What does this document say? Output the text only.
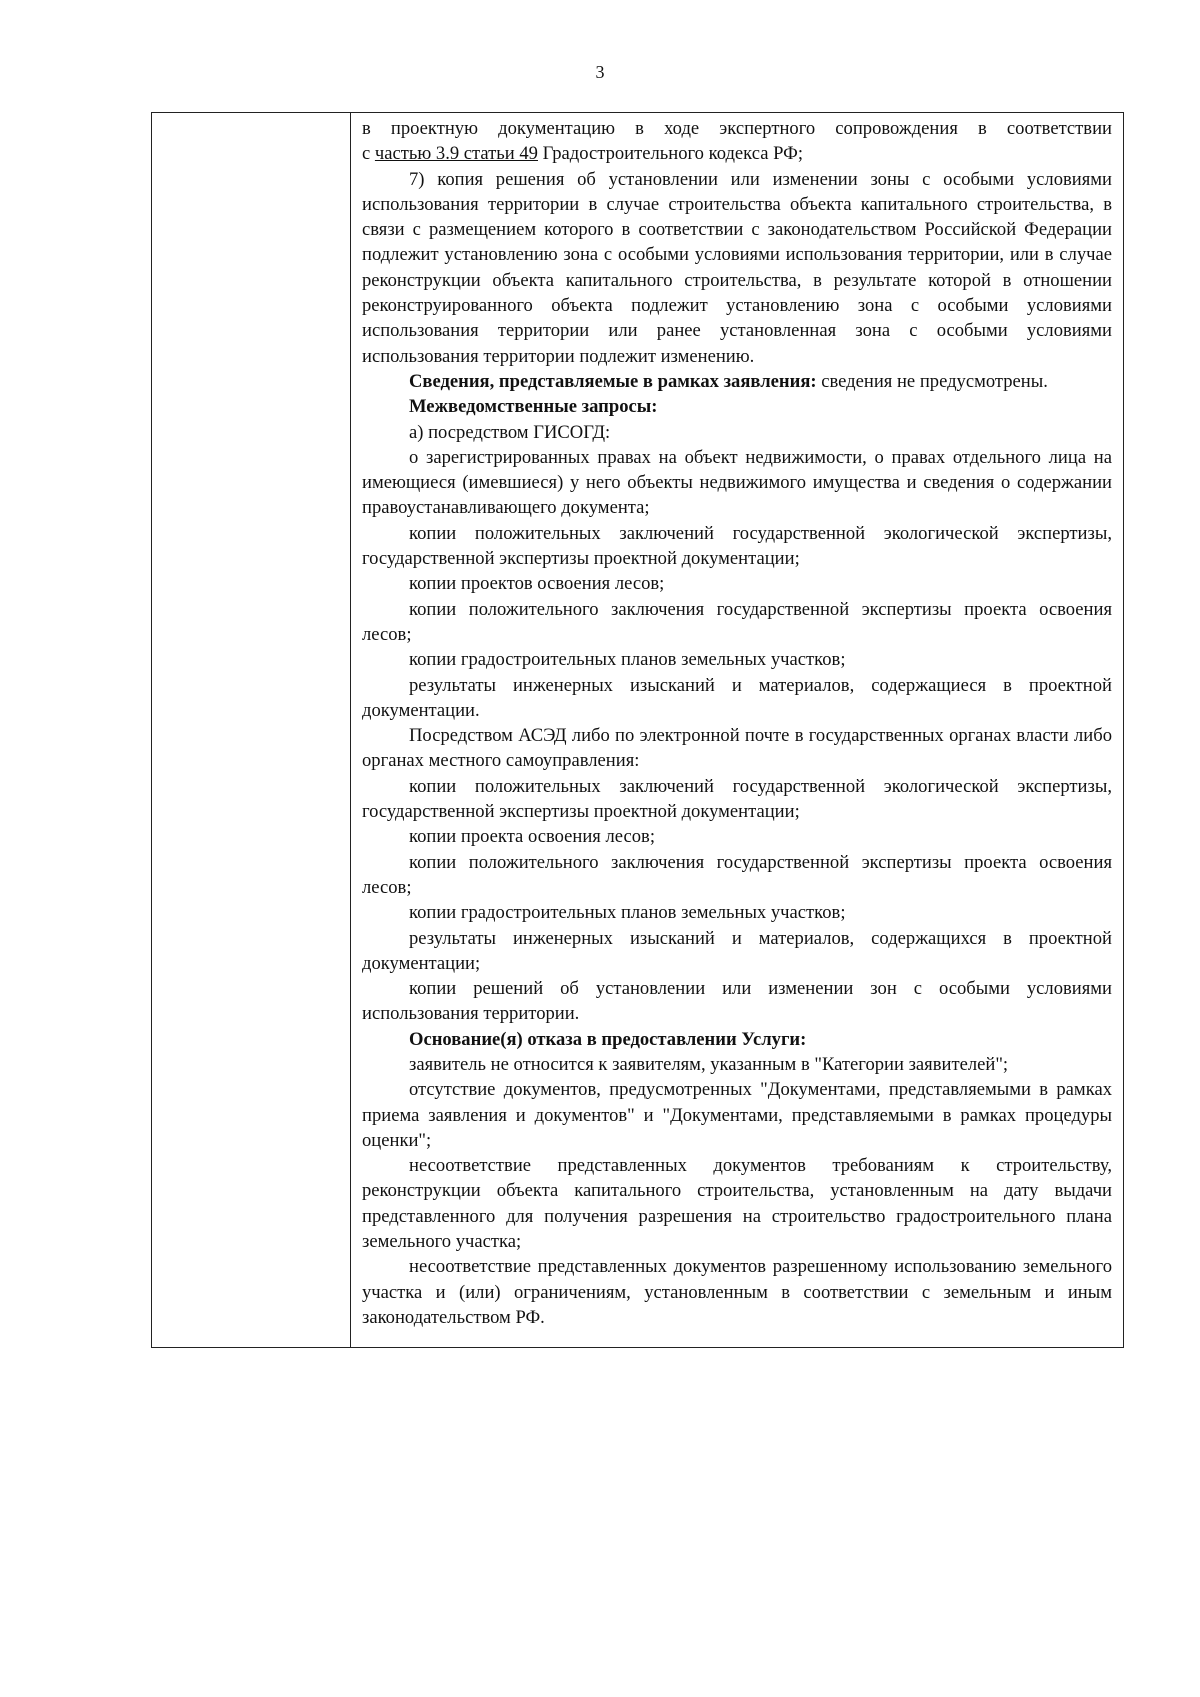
3

в проектную документацию в ходе экспертного сопровождения в соответствии

с частью 3.9 статьи 49 Градостроительного кодекса РФ;

7) копия решения об установлении или изменении зоны с особыми условиями использования территории в случае строительства объекта капитального строительства, в связи с размещением которого в соответствии с законодательством Российской Федерации подлежит установлению зона с особыми условиями использования территории, или в случае реконструкции объекта капитального строительства, в результате которой в отношении реконструированного объекта подлежит установлению зона с особыми условиями использования территории или ранее установленная зона с особыми условиями использования территории подлежит изменению.

Сведения, представляемые в рамках заявления: сведения не предусмотрены.

Межведомственные запросы:

а) посредством ГИСОГД:

о зарегистрированных правах на объект недвижимости, о правах отдельного лица на имеющиеся (имевшиеся) у него объекты недвижимого имущества и сведения о содержании правоустанавливающего документа;

копии положительных заключений государственной экологической экспертизы, государственной экспертизы проектной документации;

копии проектов освоения лесов;

копии положительного заключения государственной экспертизы проекта освоения лесов;

копии градостроительных планов земельных участков;

результаты инженерных изысканий и материалов, содержащиеся в проектной документации.

Посредством АСЭД либо по электронной почте в государственных органах власти либо органах местного самоуправления:

копии положительных заключений государственной экологической экспертизы, государственной экспертизы проектной документации;

копии проекта освоения лесов;

копии положительного заключения государственной экспертизы проекта освоения лесов;

копии градостроительных планов земельных участков;

результаты инженерных изысканий и материалов, содержащихся в проектной документации;

копии решений об установлении или изменении зон с особыми условиями использования территории.

Основание(я) отказа в предоставлении Услуги:

заявитель не относится к заявителям, указанным в "Категории заявителей";

отсутствие документов, предусмотренных "Документами, представляемыми в рамках приема заявления и документов" и "Документами, представляемыми в рамках процедуры оценки";

несоответствие представленных документов требованиям к строительству, реконструкции объекта капитального строительства, установленным на дату выдачи представленного для получения разрешения на строительство градостроительного плана земельного участка;

несоответствие представленных документов разрешенному использованию земельного участка и (или) ограничениям, установленным в соответствии с земельным и иным законодательством РФ.
